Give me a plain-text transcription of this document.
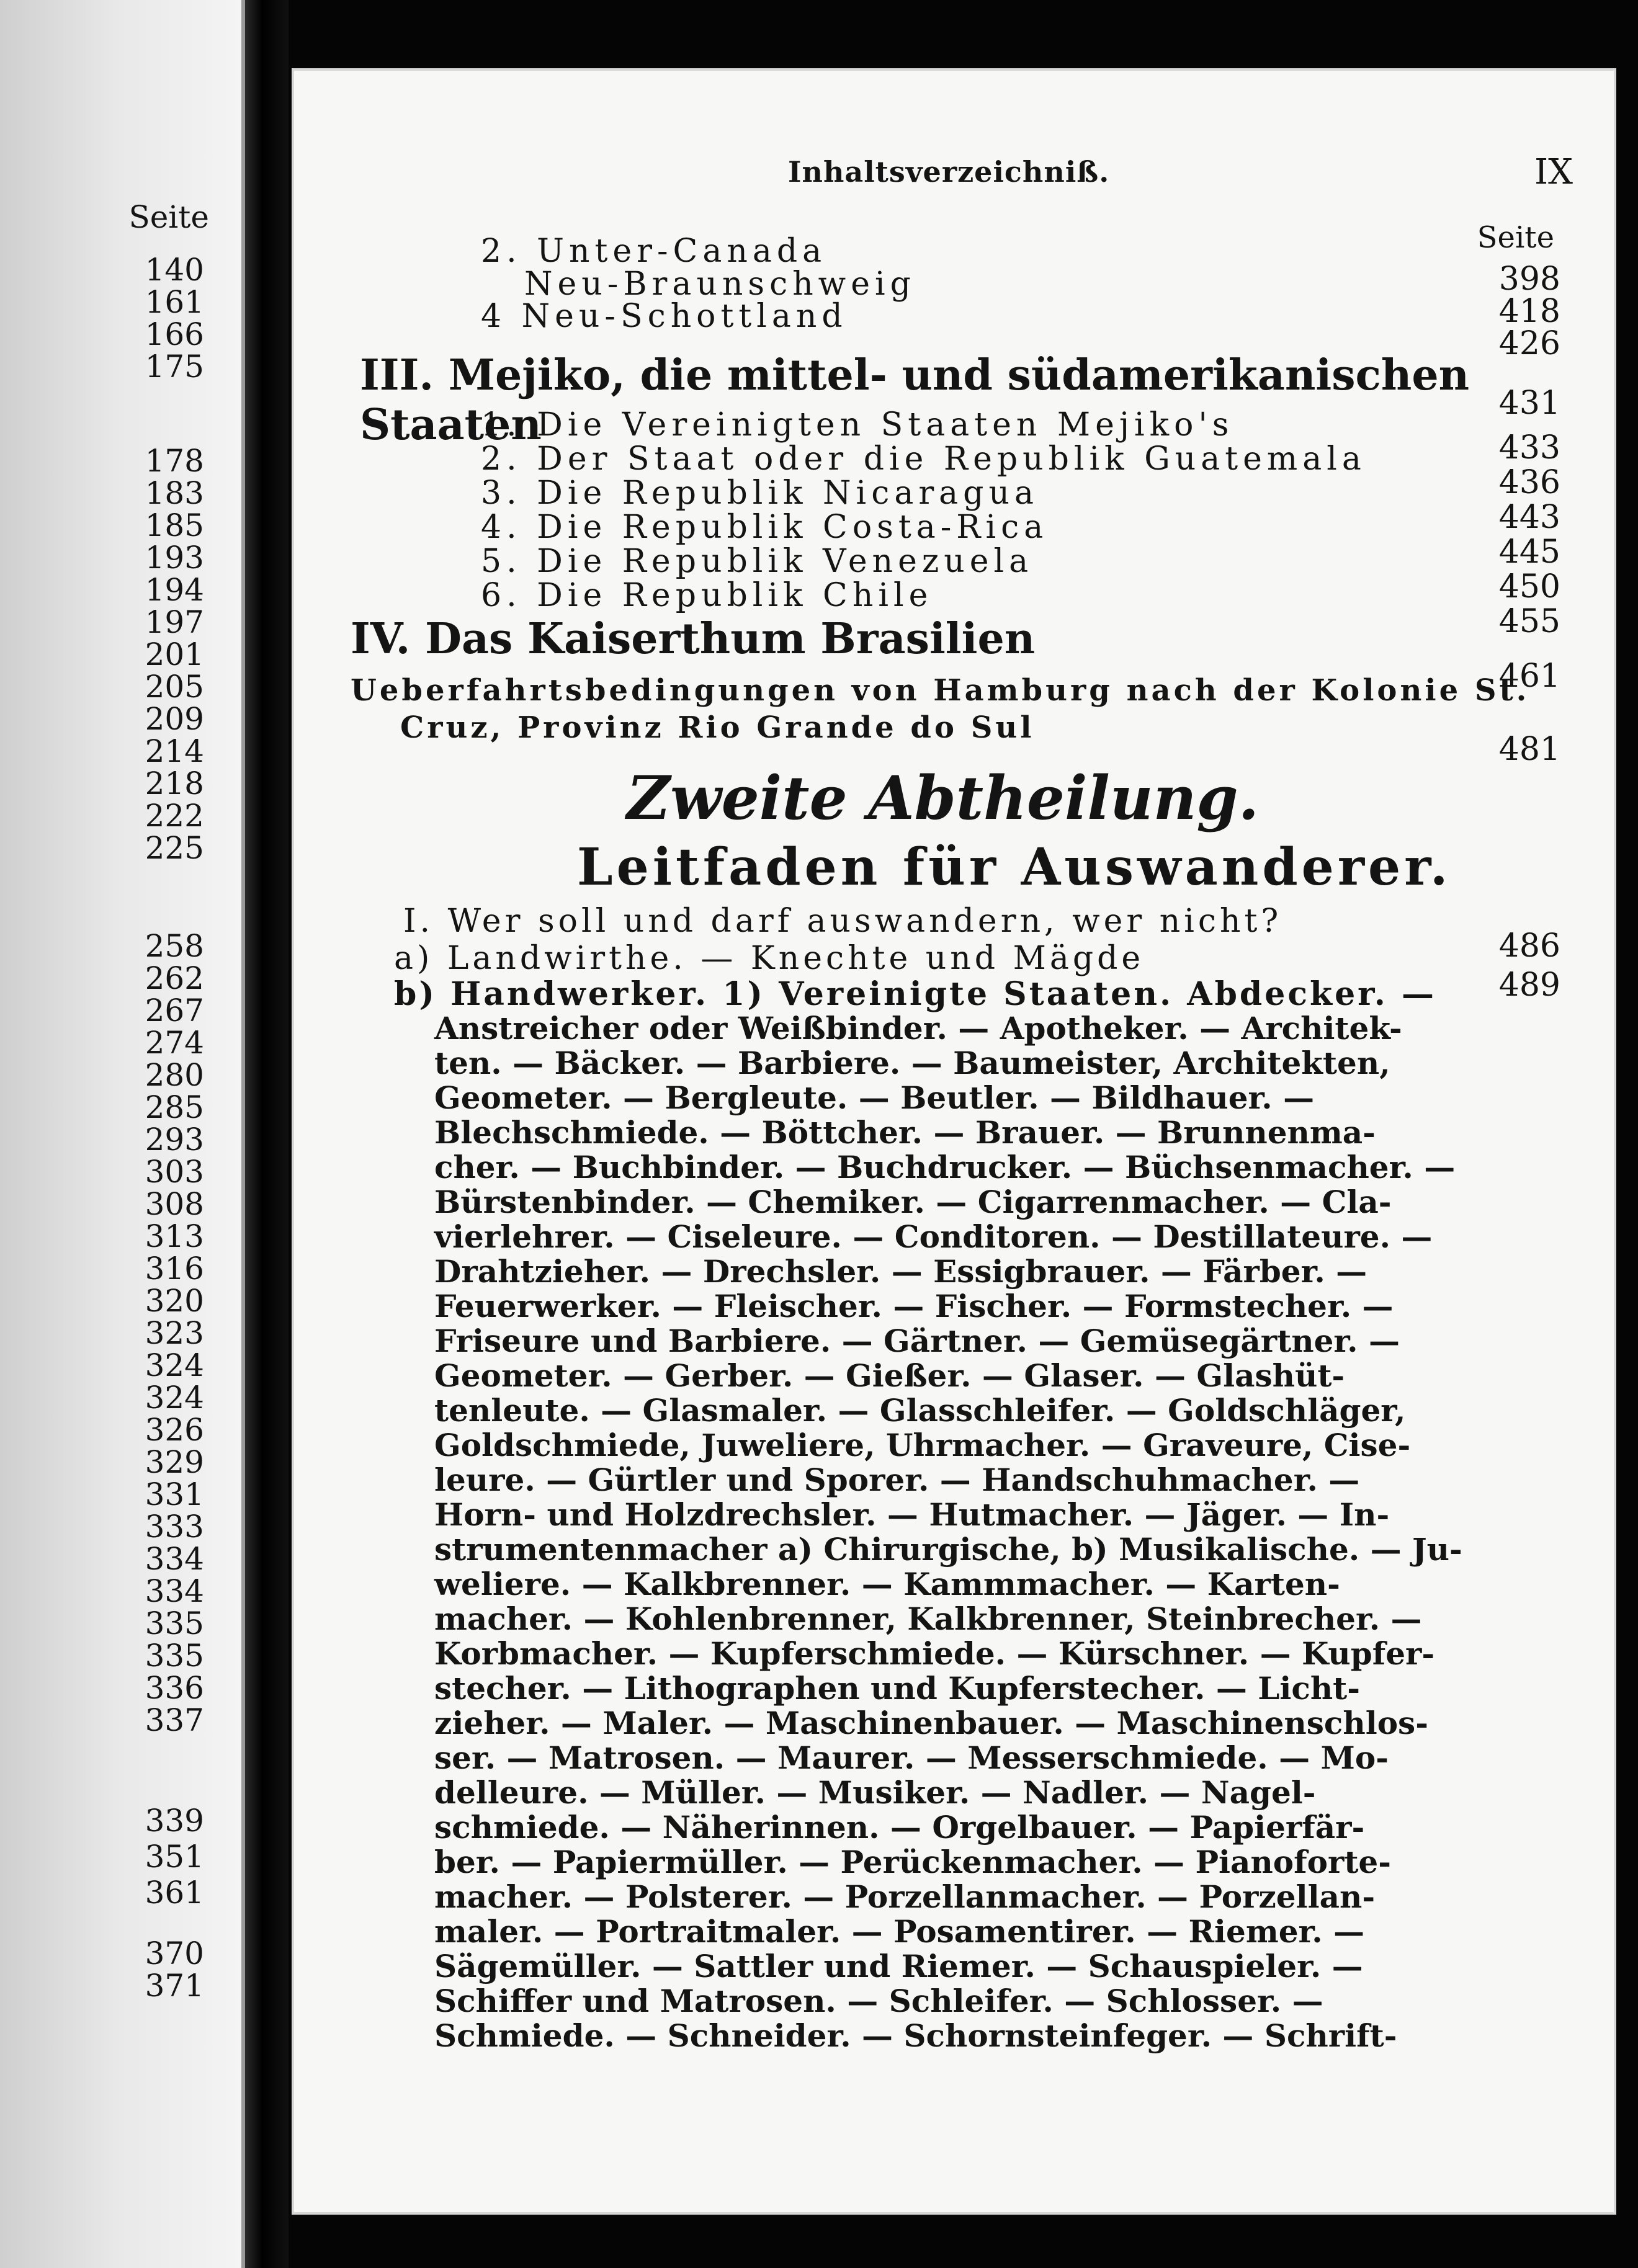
Seite
140
161
166
175
178
183
185
193
194
197
201
205
209
214
218
222
225
258
262
267
274
280
285
293
303
308
313
316
320
323
324
324
326
329
331
333
334
334
335
335
336
337
339
351
361
370
371
Inhaltsverzeichniß.	IX
Seite
2. Unter-Canada
398
Neu-Braunschweig
418
4 Neu-Schottland
426
III. Mejiko, die mittel- und südamerikanischen Staaten	431
1. Die Vereinigten Staaten Mejiko's
433
2. Der Staat oder die Republik Guatemala
436
3. Die Republik Nicaragua
443
4. Die Republik Costa-Rica
445
5. Die Republik Venezuela
450
6. Die Republik Chile
455
IV. Das Kaiserthum Brasilien
461
Ueberfahrtsbedingungen von Hamburg nach der Kolonie St.
Cruz, Provinz Rio Grande do Sul
481
Zweite Abtheilung.
Leitfaden für Auswanderer.
I. Wer soll und darf auswandern, wer nicht?
486
a) Landwirthe. — Knechte und Mägde
489
b) Handwerker. 1) Vereinigte Staaten. Abdecker. —

Anstreicher oder Weißbinder. — Apotheker. — Architek-

ten. — Bäcker. — Barbiere. — Baumeister, Architekten,

Geometer. — Bergleute. — Beutler. — Bildhauer. —

Blechschmiede. — Böttcher. — Brauer. — Brunnenma-

cher. — Buchbinder. — Buchdrucker. — Büchsenmacher. —

Bürstenbinder. — Chemiker. — Cigarrenmacher. — Cla-

vierlehrer. — Ciseleure. — Conditoren. — Destillateure. —

Drahtzieher. — Drechsler. — Essigbrauer. — Färber. —

Feuerwerker. — Fleischer. — Fischer. — Formstecher. —

Friseure und Barbiere. — Gärtner. — Gemüsegärtner. —

Geometer. — Gerber. — Gießer. — Glaser. — Glashüt-

tenleute. — Glasmaler. — Glasschleifer. — Goldschläger,

Goldschmiede, Juweliere, Uhrmacher. — Graveure, Cise-

leure. — Gürtler und Sporer. — Handschuhmacher. —

Horn- und Holzdrechsler. — Hutmacher. — Jäger. — In-

strumentenmacher a) Chirurgische, b) Musikalische. — Ju-

weliere. — Kalkbrenner. — Kammmacher. — Karten-

macher. — Kohlenbrenner, Kalkbrenner, Steinbrecher. —

Korbmacher. — Kupferschmiede. — Kürschner. — Kupfer-

stecher. — Lithographen und Kupferstecher. — Licht-

zieher. — Maler. — Maschinenbauer. — Maschinenschlos-

ser. — Matrosen. — Maurer. — Messerschmiede. — Mo-

delleure. — Müller. — Musiker. — Nadler. — Nagel-

schmiede. — Näherinnen. — Orgelbauer. — Papierfär-

ber. — Papiermüller. — Perückenmacher. — Pianoforte-

macher. — Polsterer. — Porzellanmacher. — Porzellan-

maler. — Portraitmaler. — Posamentirer. — Riemer. —

Sägemüller. — Sattler und Riemer. — Schauspieler. —

Schiffer und Matrosen. — Schleifer. — Schlosser. —

Schmiede. — Schneider. — Schornsteinfeger. — Schrift-
